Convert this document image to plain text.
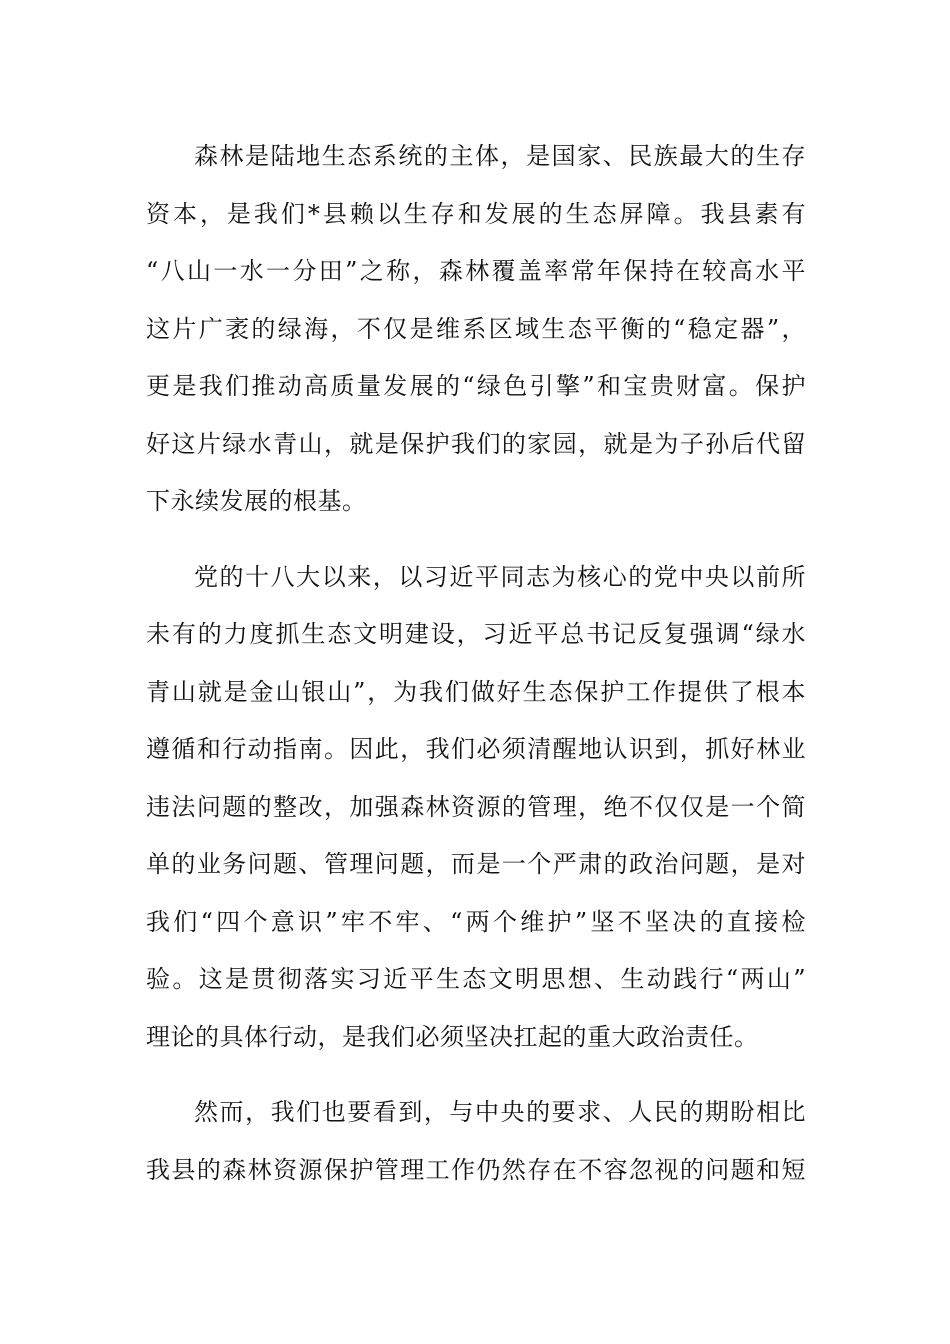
森林是陆地生态系统的主体，是国家、民族最大的生存
资本，是我们*县赖以生存和发展的生态屏障。我县素有
“八山一水一分田”之称，森林覆盖率常年保持在较高水平
这片广袤的绿海，不仅是维系区域生态平衡的“稳定器”，
更是我们推动高质量发展的“绿色引擎”和宝贵财富。保护
好这片绿水青山，就是保护我们的家园，就是为子孙后代留
下永续发展的根基。
党的十八大以来，以习近平同志为核心的党中央以前所
未有的力度抓生态文明建设，习近平总书记反复强调“绿水
青山就是金山银山”，为我们做好生态保护工作提供了根本
遵循和行动指南。因此，我们必须清醒地认识到，抓好林业
违法问题的整改，加强森林资源的管理，绝不仅仅是一个简
单的业务问题、管理问题，而是一个严肃的政治问题，是对
我们“四个意识”牢不牢、“两个维护”坚不坚决的直接检
验。这是贯彻落实习近平生态文明思想、生动践行“两山”
理论的具体行动，是我们必须坚决扛起的重大政治责任。
然而，我们也要看到，与中央的要求、人民的期盼相比
我县的森林资源保护管理工作仍然存在不容忽视的问题和短
